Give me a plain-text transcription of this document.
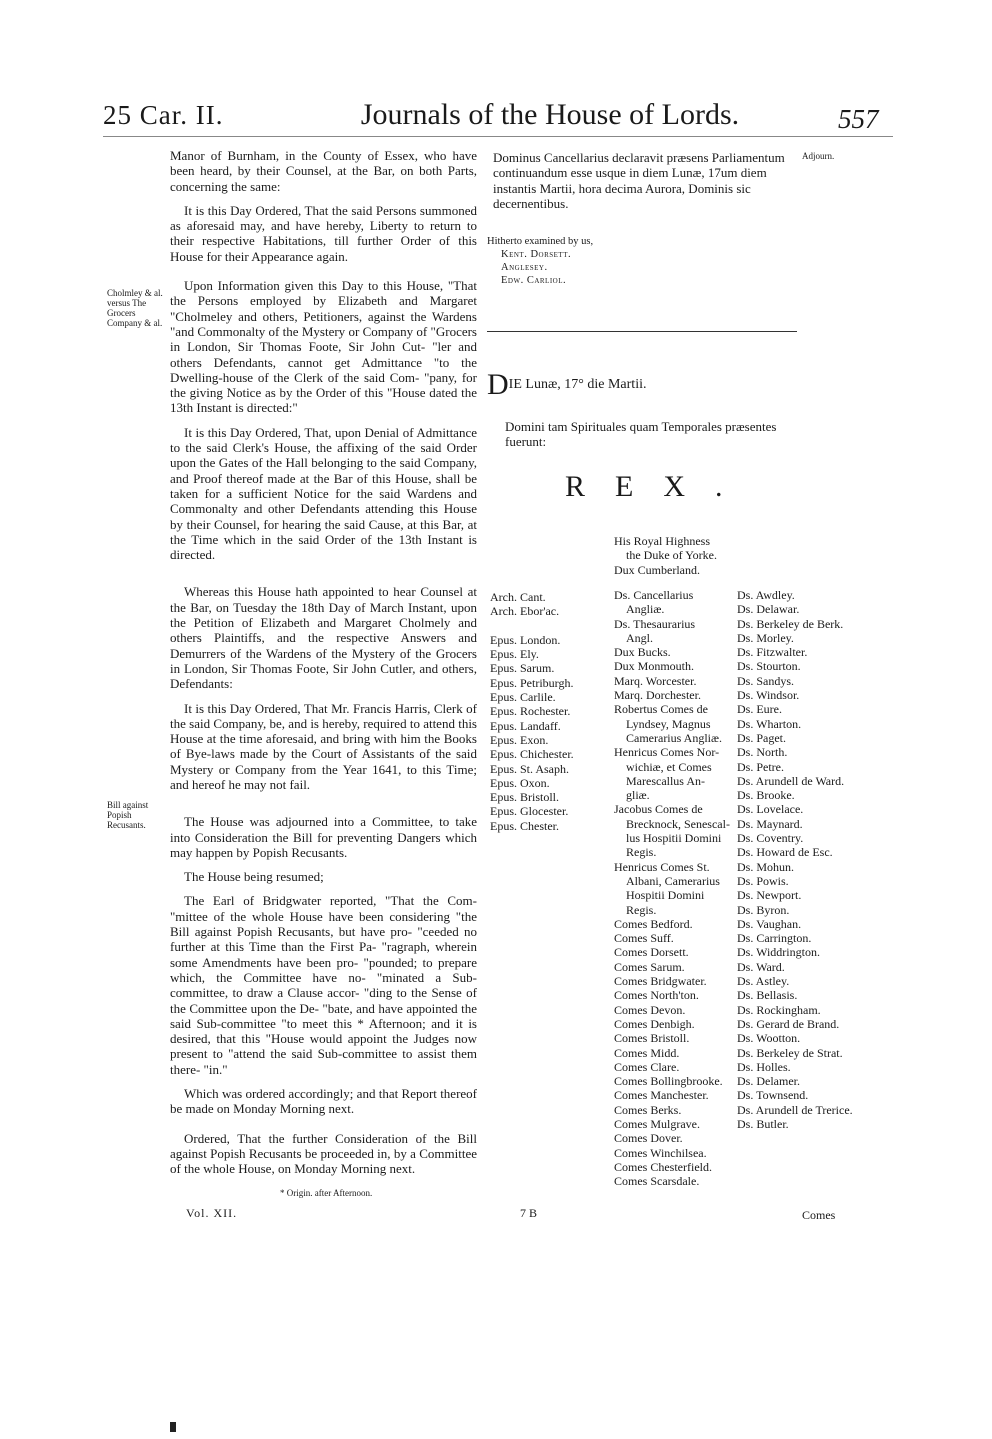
25 Car. II.	Journals of the House of Lords.	557

Manor of Burnham, in the County of Essex, who have been heard, by their Counsel, at the Bar, on both Parts, concerning the same:

It is this Day Ordered, That the said Persons summoned as aforesaid may, and have hereby, Liberty to return to their respective Habitations, till further Order of this House for their Appearance again.

Upon Information given this Day to this House, "That the Persons employed by Elizabeth and Margaret "Cholmeley and others, Petitioners, against the Wardens "and Commonalty of the Mystery or Company of "Grocers in London, Sir Thomas Foote, Sir John Cut- "ler and others Defendants, cannot get Admittance "to the Dwelling-house of the Clerk of the said Com- "pany, for the giving Notice as by the Order of this "House dated the 13th Instant is directed:"

It is this Day Ordered, That, upon Denial of Admittance to the said Clerk's House, the affixing of the said Order upon the Gates of the Hall belonging to the said Company, and Proof thereof made at the Bar of this House, shall be taken for a sufficient Notice for the said Wardens and Commonalty and other Defendants attending this House by their Counsel, for hearing the said Cause, at this Bar, at the Time which in the said Order of the 13th Instant is directed.

Whereas this House hath appointed to hear Counsel at the Bar, on Tuesday the 18th Day of March Instant, upon the Petition of Elizabeth and Margaret Cholmely and others Plaintiffs, and the respective Answers and Demurrers of the Wardens of the Mystery of the Grocers in London, Sir Thomas Foote, Sir John Cutler, and others, Defendants:

It is this Day Ordered, That Mr. Francis Harris, Clerk of the said Company, be, and is hereby, required to attend this House at the time aforesaid, and bring with him the Books of Bye-laws made by the Court of Assistants of the said Mystery or Company from the Year 1641, to this Time; and hereof he may not fail.

The House was adjourned into a Committee, to take into Consideration the Bill for preventing Dangers which may happen by Popish Recusants.

The House being resumed;

The Earl of Bridgwater reported, "That the Com- "mittee of the whole House have been considering "the Bill against Popish Recusants, but have pro- "ceeded no further at this Time than the First Pa- "ragraph, wherein some Amendments have been pro- "pounded; to prepare which, the Committee have no- "minated a Sub-committee, to draw a Clause accor- "ding to the Sense of the Committee upon the De- "bate, and have appointed the said Sub-committee "to meet this * Afternoon; and it is desired, that this "House would appoint the Judges now present to "attend the said Sub-committee to assist them there- "in."

Which was ordered accordingly; and that Report thereof be made on Monday Morning next.

Ordered, That the further Consideration of the Bill against Popish Recusants be proceeded in, by a Committee of the whole House, on Monday Morning next.

Cholmley & al. versus The Grocers Company & al.
Bill against Popish Recusants.
Dominus Cancellarius declaravit præsens Parliamentum continuandum esse usque in diem Lunæ, 17um diem instantis Martii, hora decima Aurora, Dominis sic decernentibus.
Adjourn.
Hitherto examined by us,
Kent. Dorsett.
Anglesey.
Edw. Carliol.
DIE Lunæ, 17° die Martii.
Domini tam Spirituales quam Temporales præsentes fuerunt:
REX.
His Royal Highness
the Duke of Yorke.
Dux Cumberland.
Arch. Cant.
Arch. Ebor'ac.

Epus. London.
Epus. Ely.
Epus. Sarum.
Epus. Petriburgh.
Epus. Carlile.
Epus. Rochester.
Epus. Landaff.
Epus. Exon.
Epus. Chichester.
Epus. St. Asaph.
Epus. Oxon.
Epus. Bristoll.
Epus. Glocester.
Epus. Chester.
Ds. Cancellarius
Angliæ.
Ds. Thesaurarius
Angl.
Dux Bucks.
Dux Monmouth.
Marq. Worcester.
Marq. Dorchester.
Robertus Comes de
Lyndsey, Magnus
Camerarius Angliæ.
Henricus Comes Nor-
wichiæ, et Comes
Marescallus An-
gliæ.
Jacobus Comes de
Brecknock, Senescal-
lus Hospitii Domini
Regis.
Henricus Comes St.
Albani, Camerarius
Hospitii Domini
Regis.
Comes Bedford.
Comes Suff.
Comes Dorsett.
Comes Sarum.
Comes Bridgwater.
Comes North'ton.
Comes Devon.
Comes Denbigh.
Comes Bristoll.
Comes Midd.
Comes Clare.
Comes Bollingbrooke.
Comes Manchester.
Comes Berks.
Comes Mulgrave.
Comes Dover.
Comes Winchilsea.
Comes Chesterfield.
Comes Scarsdale.
Ds. Awdley.
Ds. Delawar.
Ds. Berkeley de Berk.
Ds. Morley.
Ds. Fitzwalter.
Ds. Stourton.
Ds. Sandys.
Ds. Windsor.
Ds. Eure.
Ds. Wharton.
Ds. Paget.
Ds. North.
Ds. Petre.
Ds. Arundell de Ward.
Ds. Brooke.
Ds. Lovelace.
Ds. Maynard.
Ds. Coventry.
Ds. Howard de Esc.
Ds. Mohun.
Ds. Powis.
Ds. Newport.
Ds. Byron.
Ds. Vaughan.
Ds. Carrington.
Ds. Widdrington.
Ds. Ward.
Ds. Astley.
Ds. Bellasis.
Ds. Rockingham.
Ds. Gerard de Brand.
Ds. Wootton.
Ds. Berkeley de Strat.
Ds. Holles.
Ds. Delamer.
Ds. Townsend.
Ds. Arundell de Trerice.
Ds. Butler.
* Origin. after Afternoon.
Vol. XII.	7 B	Comes
